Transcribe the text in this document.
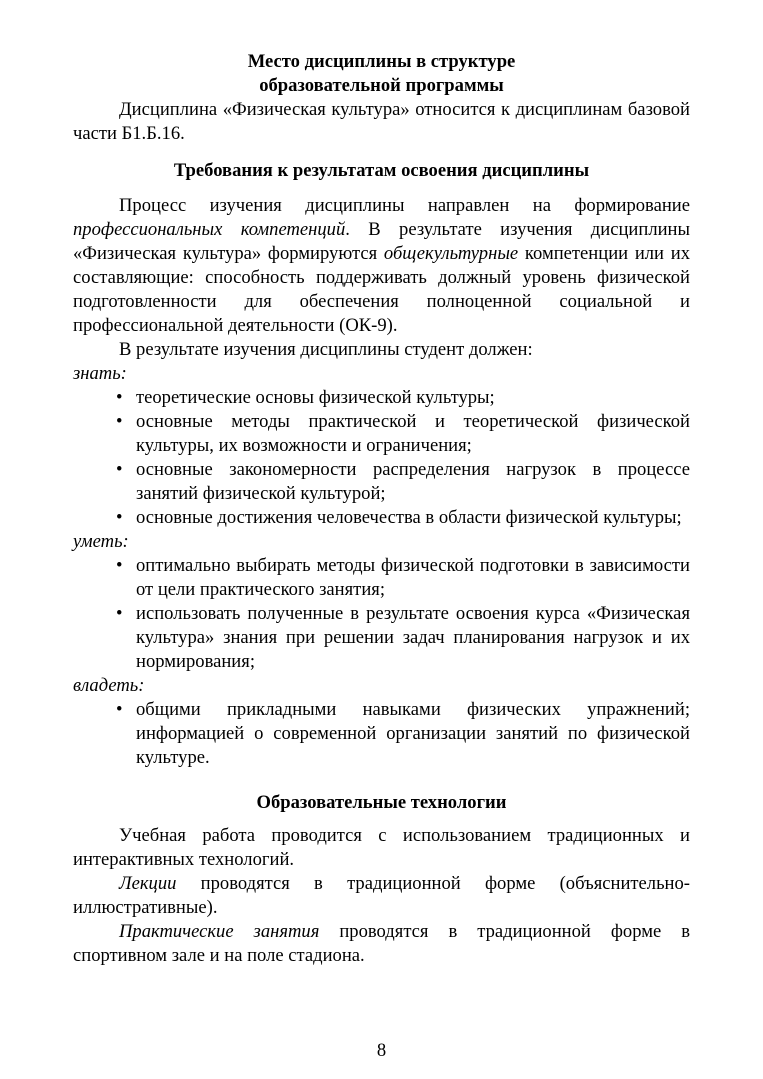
Место дисциплины в структуре
образовательной программы

Дисциплина «Физическая культура» относится к дисциплинам базовой части Б1.Б.16.

Требования к результатам освоения дисциплины

Процесс изучения дисциплины направлен на формирование профессиональных компетенций. В результате изучения дисциплины «Физическая культура» формируются общекультурные компетенции или их составляющие: способность поддерживать должный уровень физической подготовленности для обеспечения полноценной социальной и профессиональной деятельности (ОК-9).

В результате изучения дисциплины студент должен:

знать:

• теоретические основы физической культуры;
• основные методы практической и теоретической физической культуры, их возможности и ограничения;
• основные закономерности распределения нагрузок в процессе занятий физической культурой;
• основные достижения человечества в области физической культуры;

уметь:

• оптимально выбирать методы физической подготовки в зависимости от цели практического занятия;
• использовать полученные в результате освоения курса «Физическая культура» знания при решении задач планирования нагрузок и их нормирования;

владеть:

• общими прикладными навыками физических упражнений; информацией о современной организации занятий по физической культуре.

Образовательные технологии

Учебная работа проводится с использованием традиционных и интерактивных технологий.

Лекции проводятся в традиционной форме (объяснительно-иллюстративные).

Практические занятия проводятся в традиционной форме в спортивном зале и на поле стадиона.

8
